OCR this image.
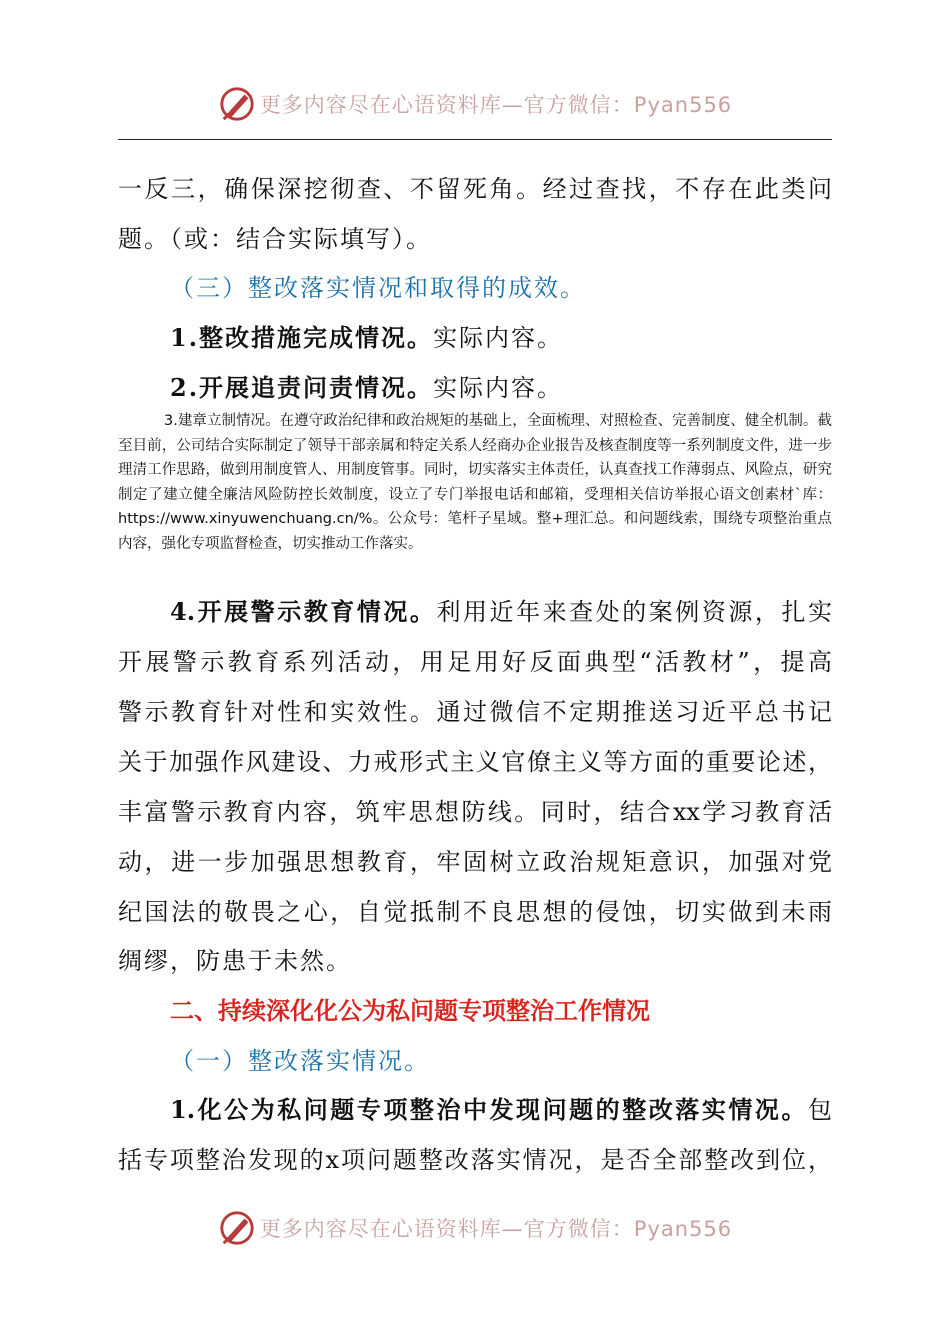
更多内容尽在心语资料库—官方微信：Pyan556
一反三，确保深挖彻查、不留死角。经过查找，不存在此类问
题。（或：结合实际填写）。
（三）整改落实情况和取得的成效。
1.整改措施完成情况。实际内容。
2.开展追责问责情况。实际内容。
3.建章立制情况。在遵守政治纪律和政治规矩的基础上，全面梳理、对照检查、完善制度、健全机制。截至目前，公司结合实际制定了领导干部亲属和特定关系人经商办企业报告及核查制度等一系列制度文件，进一步理清工作思路，做到用制度管人、用制度管事。同时，切实落实主体责任，认真查找工作薄弱点、风险点，研究制定了建立健全廉洁风险防控长效制度，设立了专门举报电话和邮箱，受理相关信访举报心语文创素材`库：https://www.xinyuwenchuang.cn/%。公众号：笔杆子星域。整+理汇总。和问题线索，围绕专项整治重点内容，强化专项监督检查，切实推动工作落实。
4.开展警示教育情况。利用近年来查处的案例资源，扎实
开展警示教育系列活动，用足用好反面典型“活教材”，提高
警示教育针对性和实效性。通过微信不定期推送习近平总书记
关于加强作风建设、力戒形式主义官僚主义等方面的重要论述，
丰富警示教育内容，筑牢思想防线。同时，结合xx学习教育活
动，进一步加强思想教育，牢固树立政治规矩意识，加强对党
纪国法的敬畏之心，自觉抵制不良思想的侵蚀，切实做到未雨
绸缪，防患于未然。
二、持续深化化公为私问题专项整治工作情况
（一）整改落实情况。
1.化公为私问题专项整治中发现问题的整改落实情况。包
括专项整治发现的x项问题整改落实情况，是否全部整改到位，
更多内容尽在心语资料库—官方微信：Pyan556
